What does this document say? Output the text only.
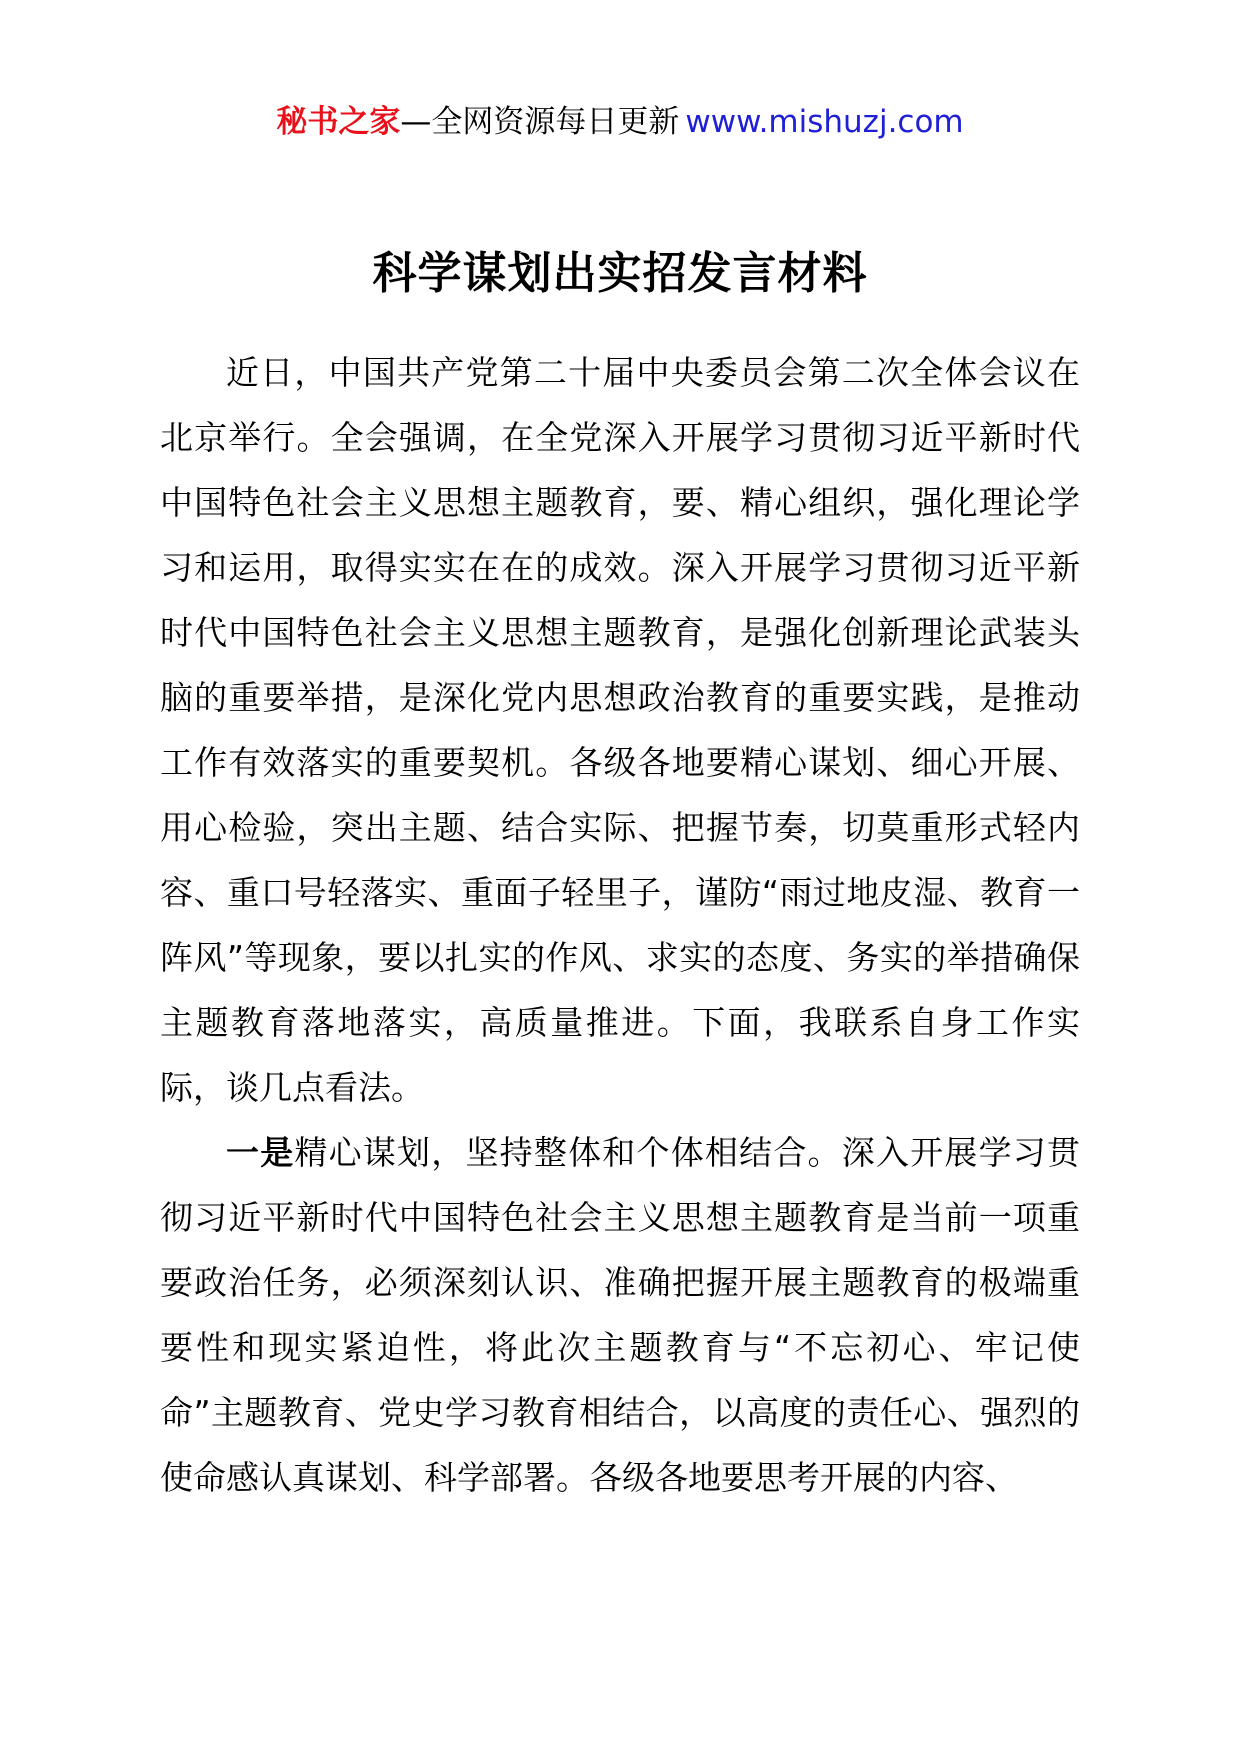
秘书之家—全网资源每日更新 www.mishuzj.com
科学谋划出实招发言材料

近日，中国共产党第二十届中央委员会第二次全体会议在北京举行。全会强调，在全党深入开展学习贯彻习近平新时代中国特色社会主义思想主题教育，要、精心组织，强化理论学习和运用，取得实实在在的成效。深入开展学习贯彻习近平新时代中国特色社会主义思想主题教育，是强化创新理论武装头脑的重要举措，是深化党内思想政治教育的重要实践，是推动工作有效落实的重要契机。各级各地要精心谋划、细心开展、用心检验，突出主题、结合实际、把握节奏，切莫重形式轻内容、重口号轻落实、重面子轻里子，谨防“雨过地皮湿、教育一阵风”等现象，要以扎实的作风、求实的态度、务实的举措确保主题教育落地落实，高质量推进。下面，我联系自身工作实际，谈几点看法。

一是精心谋划，坚持整体和个体相结合。深入开展学习贯彻习近平新时代中国特色社会主义思想主题教育是当前一项重要政治任务，必须深刻认识、准确把握开展主题教育的极端重要性和现实紧迫性，将此次主题教育与“不忘初心、牢记使命”主题教育、党史学习教育相结合，以高度的责任心、强烈的使命感认真谋划、科学部署。各级各地要思考开展的内容、
